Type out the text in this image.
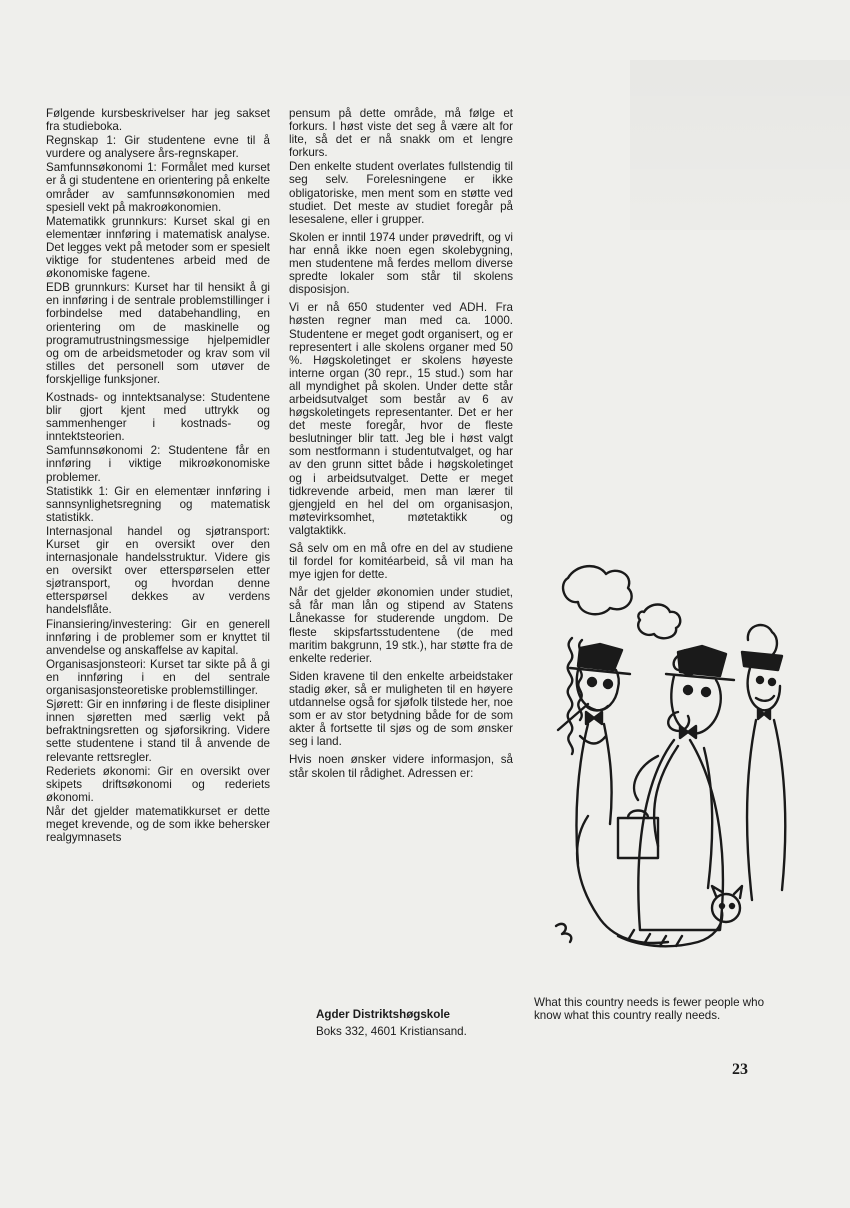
Følgende kursbeskrivelser har jeg sakset fra studieboka.

Regnskap 1: Gir studentene evne til å vurdere og analysere års-regnskaper.

Samfunnsøkonomi 1: Formålet med kurset er å gi studentene en orientering på enkelte områder av samfunnsøkonomien med spesiell vekt på makroøkonomien.

Matematikk grunnkurs: Kurset skal gi en elementær innføring i matematisk analyse. Det legges vekt på metoder som er spesielt viktige for studentenes arbeid med de økonomiske fagene.

EDB grunnkurs: Kurset har til hensikt å gi en innføring i de sentrale problemstillinger i forbindelse med databehandling, en orientering om de maskinelle og programutrustningsmessige hjelpemidler og om de arbeidsmetoder og krav som vil stilles det personell som utøver de forskjellige funksjoner.

Kostnads- og inntektsanalyse: Studentene blir gjort kjent med uttrykk og sammenhenger i kostnads- og inntektsteorien.

Samfunnsøkonomi 2: Studentene får en innføring i viktige mikroøkonomiske problemer.

Statistikk 1: Gir en elementær innføring i sannsynlighetsregning og matematisk statistikk.

Internasjonal handel og sjøtransport: Kurset gir en oversikt over den internasjonale handelsstruktur. Videre gis en oversikt over etterspørselen etter sjøtransport, og hvordan denne etterspørsel dekkes av verdens handelsflåte.

Finansiering/investering: Gir en generell innføring i de problemer som er knyttet til anvendelse og anskaffelse av kapital.

Organisasjonsteori: Kurset tar sikte på å gi en innføring i en del sentrale organisasjonsteoretiske problemstillinger.

Sjørett: Gir en innføring i de fleste disipliner innen sjøretten med særlig vekt på befraktningsretten og sjøforsikring. Videre sette studentene i stand til å anvende de relevante rettsregler.

Rederiets økonomi: Gir en oversikt over skipets driftsøkonomi og rederiets økonomi.

Når det gjelder matematikkurset er dette meget krevende, og de som ikke behersker realgymnasets

pensum på dette område, må følge et forkurs. I høst viste det seg å være alt for lite, så det er nå snakk om et lengre forkurs.

Den enkelte student overlates fullstendig til seg selv. Forelesningene er ikke obligatoriske, men ment som en støtte ved studiet. Det meste av studiet foregår på lesesalene, eller i grupper.

Skolen er inntil 1974 under prøvedrift, og vi har ennå ikke noen egen skolebygning, men studentene må ferdes mellom diverse spredte lokaler som står til skolens disposisjon.

Vi er nå 650 studenter ved ADH. Fra høsten regner man med ca. 1000. Studentene er meget godt organisert, og er representert i alle skolens organer med 50 %. Høgskoletinget er skolens høyeste interne organ (30 repr., 15 stud.) som har all myndighet på skolen. Under dette står arbeidsutvalget som består av 6 av høgskoletingets representanter. Det er her det meste foregår, hvor de fleste beslutninger blir tatt. Jeg ble i høst valgt som nestformann i studentutvalget, og har av den grunn sittet både i høgskoletinget og i arbeidsutvalget. Dette er meget tidkrevende arbeid, men man lærer til gjengjeld en hel del om organisasjon, møtevirksomhet, møtetaktikk og valgtaktikk.

Så selv om en må ofre en del av studiene til fordel for komitéarbeid, så vil man ha mye igjen for dette.

Når det gjelder økonomien under studiet, så får man lån og stipend av Statens Lånekasse for studerende ungdom. De fleste skipsfartsstudentene (de med maritim bakgrunn, 19 stk.), har støtte fra de enkelte rederier.

Siden kravene til den enkelte arbeidstaker stadig øker, så er muligheten til en høyere utdannelse også for sjøfolk tilstede her, noe som er av stor betydning både for de som akter å fortsette til sjøs og de som ønsker seg i land.

Hvis noen ønsker videre informasjon, så står skolen til rådighet. Adressen er:

Agder Distriktshøgskole
Boks 332, 4601 Kristiansand.
What this country needs is fewer people who know what this country really needs.
23
